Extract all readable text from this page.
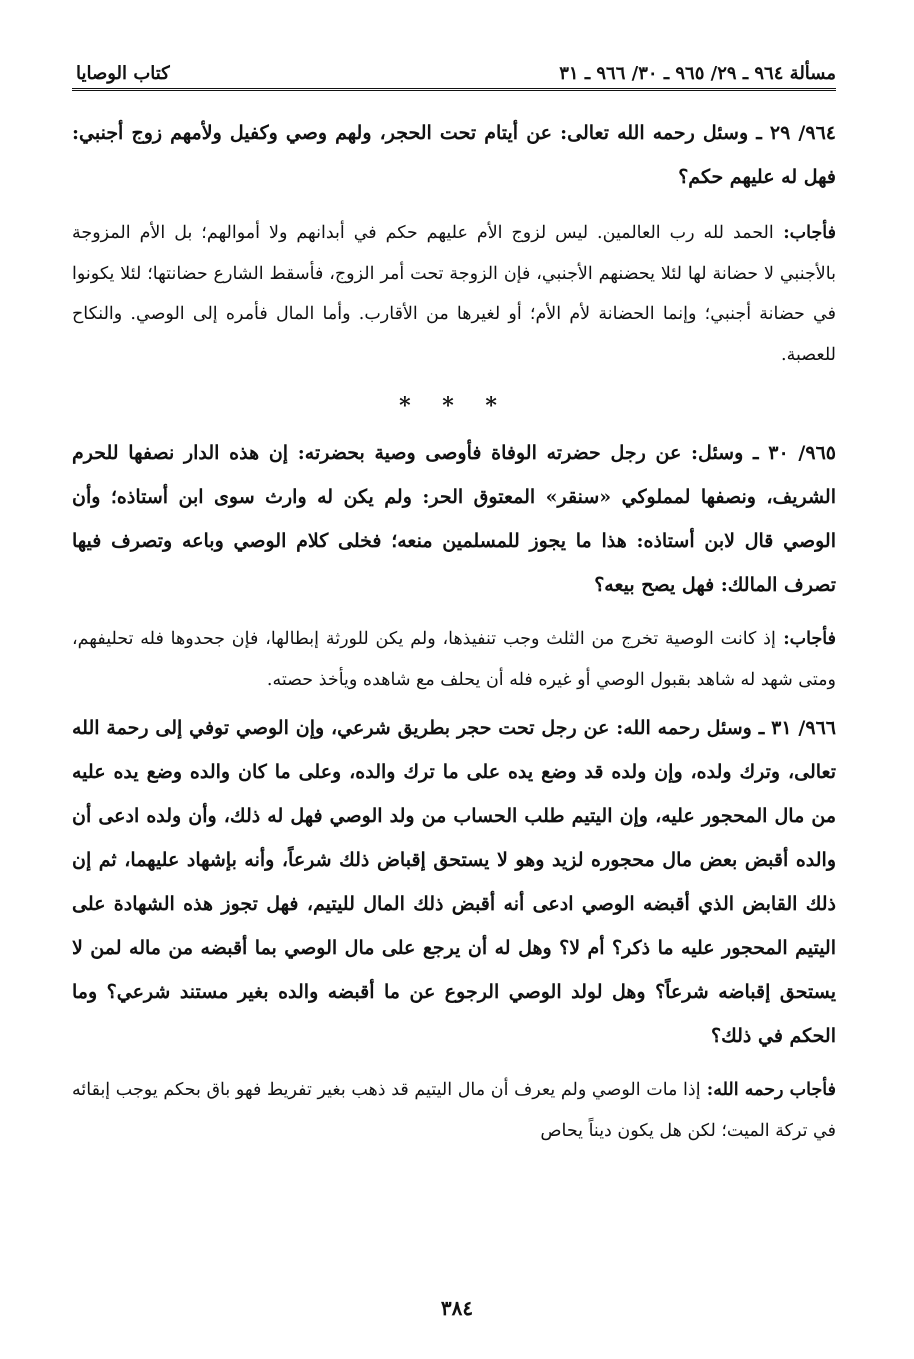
مسألة ٩٦٤ ـ ٢٩/ ٩٦٥ ـ ٣٠/ ٩٦٦ ـ ٣١
كتاب الوصايا

٩٦٤/ ٢٩ ـ وسئل رحمه الله تعالى: عن أيتام تحت الحجر، ولهم وصي وكفيل ولأمهم زوج أجنبي: فهل له عليهم حكم؟

فأجاب: الحمد لله رب العالمين. ليس لزوج الأم عليهم حكم في أبدانهم ولا أموالهم؛ بل الأم المزوجة بالأجنبي لا حضانة لها لئلا يحضنهم الأجنبي، فإن الزوجة تحت أمر الزوج، فأسقط الشارع حضانتها؛ لئلا يكونوا في حضانة أجنبي؛ وإنما الحضانة لأم الأم؛ أو لغيرها من الأقارب. وأما المال فأمره إلى الوصي. والنكاح للعصبة.

* * *

٩٦٥/ ٣٠ ـ وسئل: عن رجل حضرته الوفاة فأوصى وصية بحضرته: إن هذه الدار نصفها للحرم الشريف، ونصفها لمملوكي «سنقر» المعتوق الحر: ولم يكن له وارث سوى ابن أستاذه؛ وأن الوصي قال لابن أستاذه: هذا ما يجوز للمسلمين منعه؛ فخلى كلام الوصي وباعه وتصرف فيها تصرف المالك: فهل يصح بيعه؟

فأجاب: إذ كانت الوصية تخرج من الثلث وجب تنفيذها، ولم يكن للورثة إبطالها، فإن جحدوها فله تحليفهم، ومتى شهد له شاهد بقبول الوصي أو غيره فله أن يحلف مع شاهده ويأخذ حصته.

٩٦٦/ ٣١ ـ وسئل رحمه الله: عن رجل تحت حجر بطريق شرعي، وإن الوصي توفي إلى رحمة الله تعالى، وترك ولده، وإن ولده قد وضع يده على ما ترك والده، وعلى ما كان والده وضع يده عليه من مال المحجور عليه، وإن اليتيم طلب الحساب من ولد الوصي فهل له ذلك، وأن ولده ادعى أن والده أقبض بعض مال محجوره لزيد وهو لا يستحق إقباض ذلك شرعاً، وأنه بإشهاد عليهما، ثم إن ذلك القابض الذي أقبضه الوصي ادعى أنه أقبض ذلك المال لليتيم، فهل تجوز هذه الشهادة على اليتيم المحجور عليه ما ذكر؟ أم لا؟ وهل له أن يرجع على مال الوصي بما أقبضه من ماله لمن لا يستحق إقباضه شرعاً؟ وهل لولد الوصي الرجوع عن ما أقبضه والده بغير مستند شرعي؟ وما الحكم في ذلك؟

فأجاب رحمه الله: إذا مات الوصي ولم يعرف أن مال اليتيم قد ذهب بغير تفريط فهو باق بحكم يوجب إبقائه في تركة الميت؛ لكن هل يكون ديناً يحاص

٣٨٤
